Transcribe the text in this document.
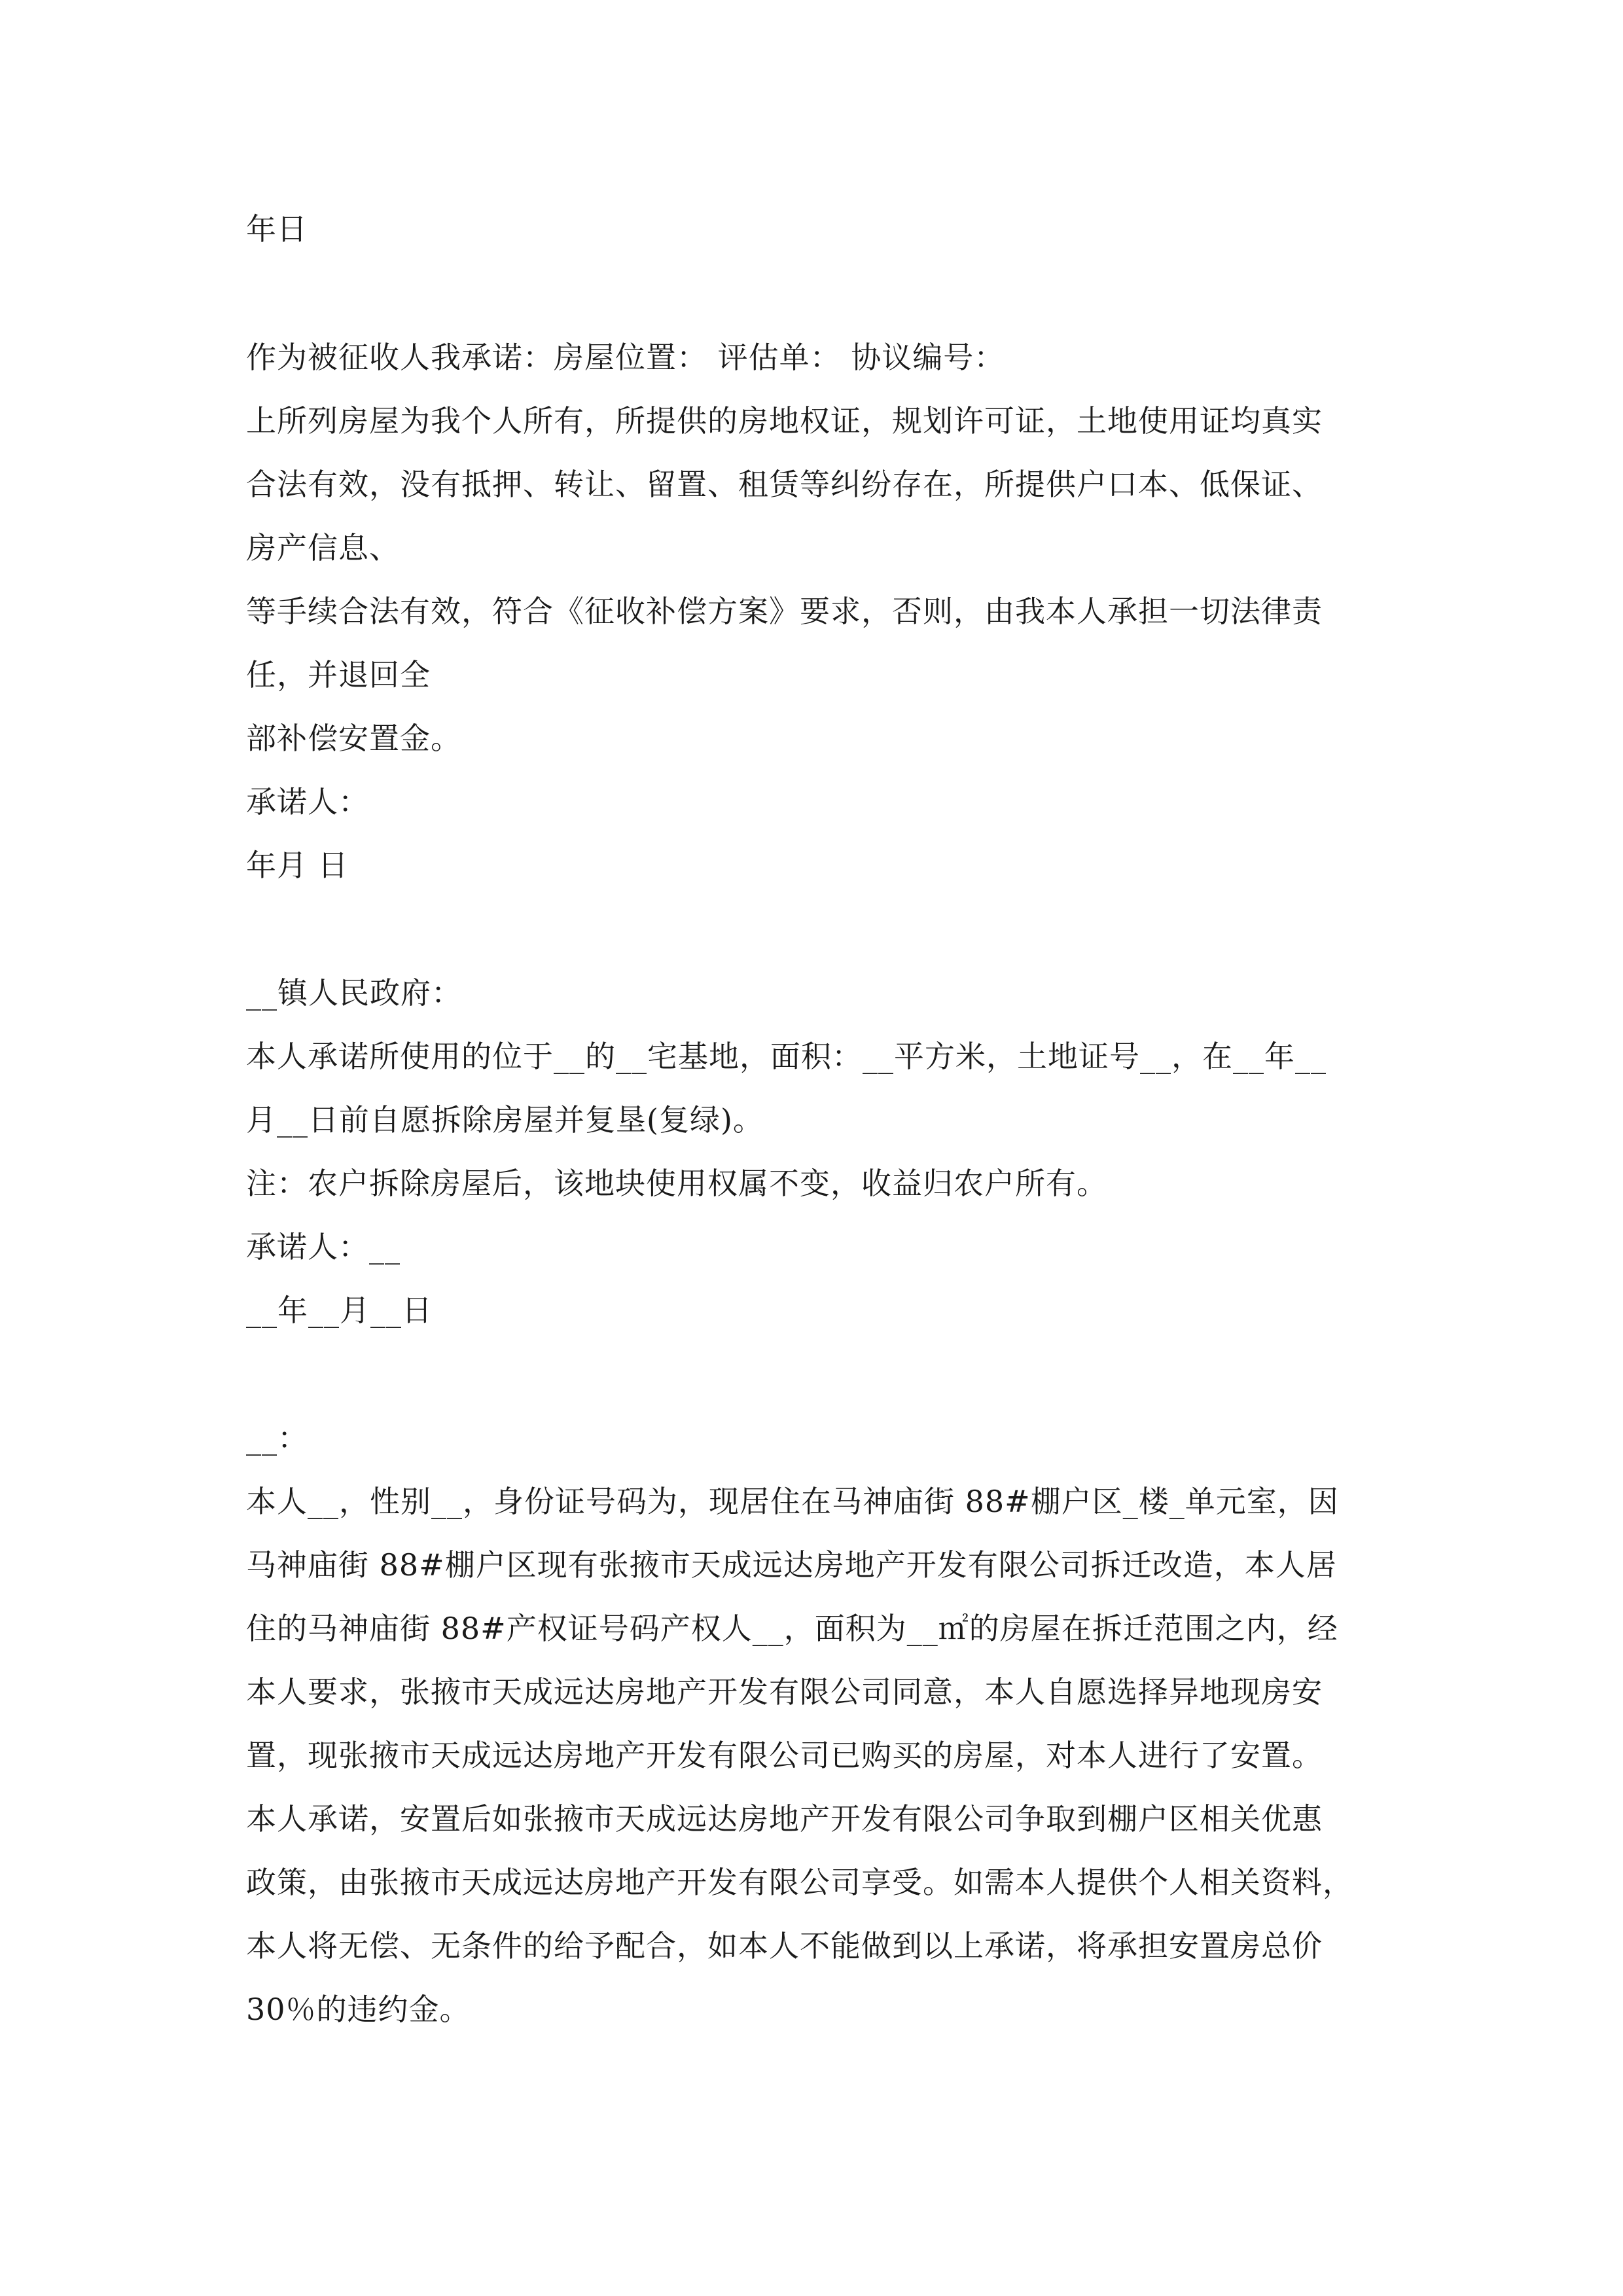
年日
作为被征收人我承诺：房屋位置： 评估单： 协议编号：
上所列房屋为我个人所有，所提供的房地权证，规划许可证，土地使用证均真实
合法有效，没有抵押、转让、留置、租赁等纠纷存在，所提供户口本、低保证、
房产信息、
等手续合法有效，符合《征收补偿方案》要求，否则，由我本人承担一切法律责
任，并退回全
部补偿安置金。
承诺人：
年月 日
__镇人民政府：
本人承诺所使用的位于__的__宅基地，面积：__平方米，土地证号__，在__年__
月__日前自愿拆除房屋并复垦(复绿)。
注：农户拆除房屋后，该地块使用权属不变，收益归农户所有。
承诺人：__
__年__月__日
__：
本人__，性别__，身份证号码为，现居住在马神庙街 88#棚户区_楼_单元室，因
马神庙街 88#棚户区现有张掖市天成远达房地产开发有限公司拆迁改造，本人居
住的马神庙街 88#产权证号码产权人__，面积为__㎡的房屋在拆迁范围之内，经
本人要求，张掖市天成远达房地产开发有限公司同意，本人自愿选择异地现房安
置，现张掖市天成远达房地产开发有限公司已购买的房屋，对本人进行了安置。
本人承诺，安置后如张掖市天成远达房地产开发有限公司争取到棚户区相关优惠
政策，由张掖市天成远达房地产开发有限公司享受。如需本人提供个人相关资料，
本人将无偿、无条件的给予配合，如本人不能做到以上承诺，将承担安置房总价
30％的违约金。
